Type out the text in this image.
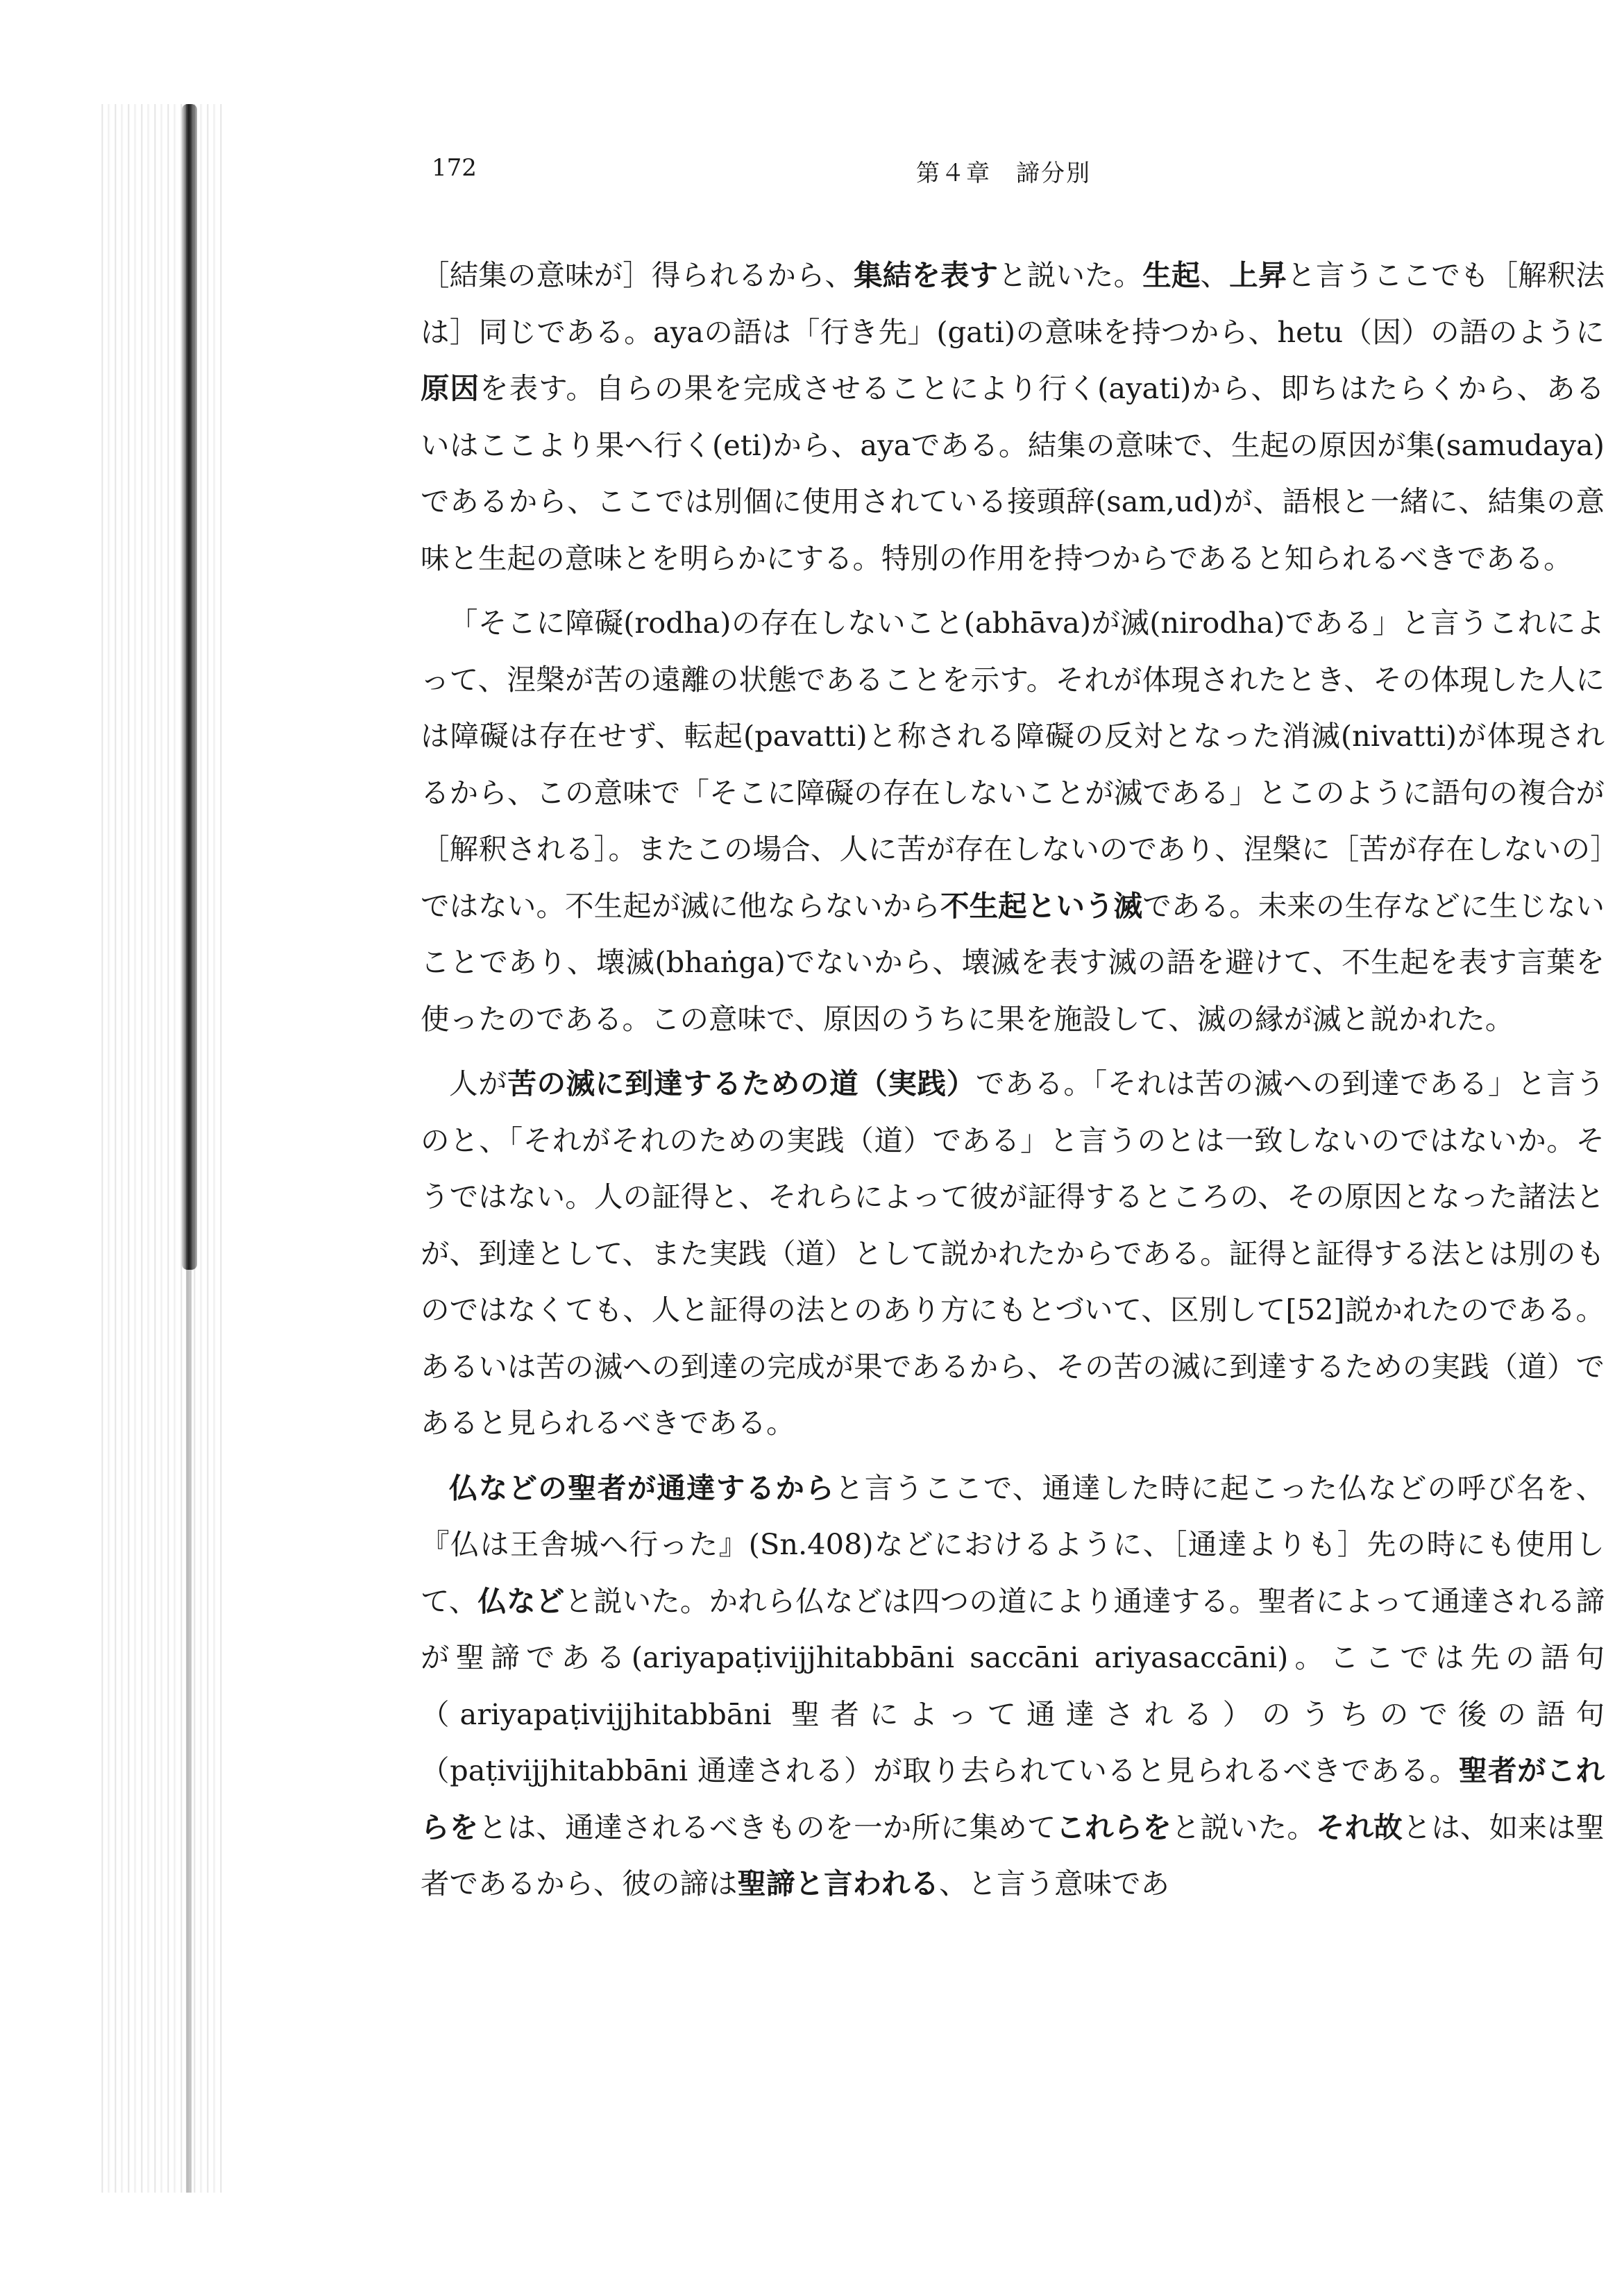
172	第４章　諦分別

［結集の意味が］得られるから、集結を表すと説いた。生起、上昇と言うここでも［解釈法は］同じである。ayaの語は「行き先」(gati)の意味を持つから、hetu（因）の語のように原因を表す。自らの果を完成させることにより行く(ayati)から、即ちはたらくから、あるいはここより果へ行く(eti)から、ayaである。結集の意味で、生起の原因が集(samudaya)であるから、ここでは別個に使用されている接頭辞(sam,ud)が、語根と一緒に、結集の意味と生起の意味とを明らかにする。特別の作用を持つからであると知られるべきである。

「そこに障礙(rodha)の存在しないこと(abhāva)が滅(nirodha)である」と言うこれによって、涅槃が苦の遠離の状態であることを示す。それが体現されたとき、その体現した人には障礙は存在せず、転起(pavatti)と称される障礙の反対となった消滅(nivatti)が体現されるから、この意味で「そこに障礙の存在しないことが滅である」とこのように語句の複合が［解釈される］。またこの場合、人に苦が存在しないのであり、涅槃に［苦が存在しないの］ではない。不生起が滅に他ならないから不生起という滅である。未来の生存などに生じないことであり、壊滅(bhaṅga)でないから、壊滅を表す滅の語を避けて、不生起を表す言葉を使ったのである。この意味で、原因のうちに果を施設して、滅の縁が滅と説かれた。

人が苦の滅に到達するための道（実践）である。「それは苦の滅への到達である」と言うのと、「それがそれのための実践（道）である」と言うのとは一致しないのではないか。そうではない。人の証得と、それらによって彼が証得するところの、その原因となった諸法とが、到達として、また実践（道）として説かれたからである。証得と証得する法とは別のものではなくても、人と証得の法とのあり方にもとづいて、区別して[52]説かれたのである。あるいは苦の滅への到達の完成が果であるから、その苦の滅に到達するための実践（道）であると見られるべきである。

仏などの聖者が通達するからと言うここで、通達した時に起こった仏などの呼び名を、『仏は王舎城へ行った』(Sn.408)などにおけるように、［通達よりも］先の時にも使用して、仏などと説いた。かれら仏などは四つの道により通達する。聖者によって通達される諦が聖諦である(ariyapaṭivijjhitabbāni saccāni ariyasaccāni)。ここでは先の語句（ariyapaṭivijjhitabbāni 聖者によって通達される）のうちので後の語句（paṭivijjhitabbāni 通達される）が取り去られていると見られるべきである。聖者がこれらをとは、通達されるべきものを一か所に集めてこれらをと説いた。それ故とは、如来は聖者であるから、彼の諦は聖諦と言われる、と言う意味であ
